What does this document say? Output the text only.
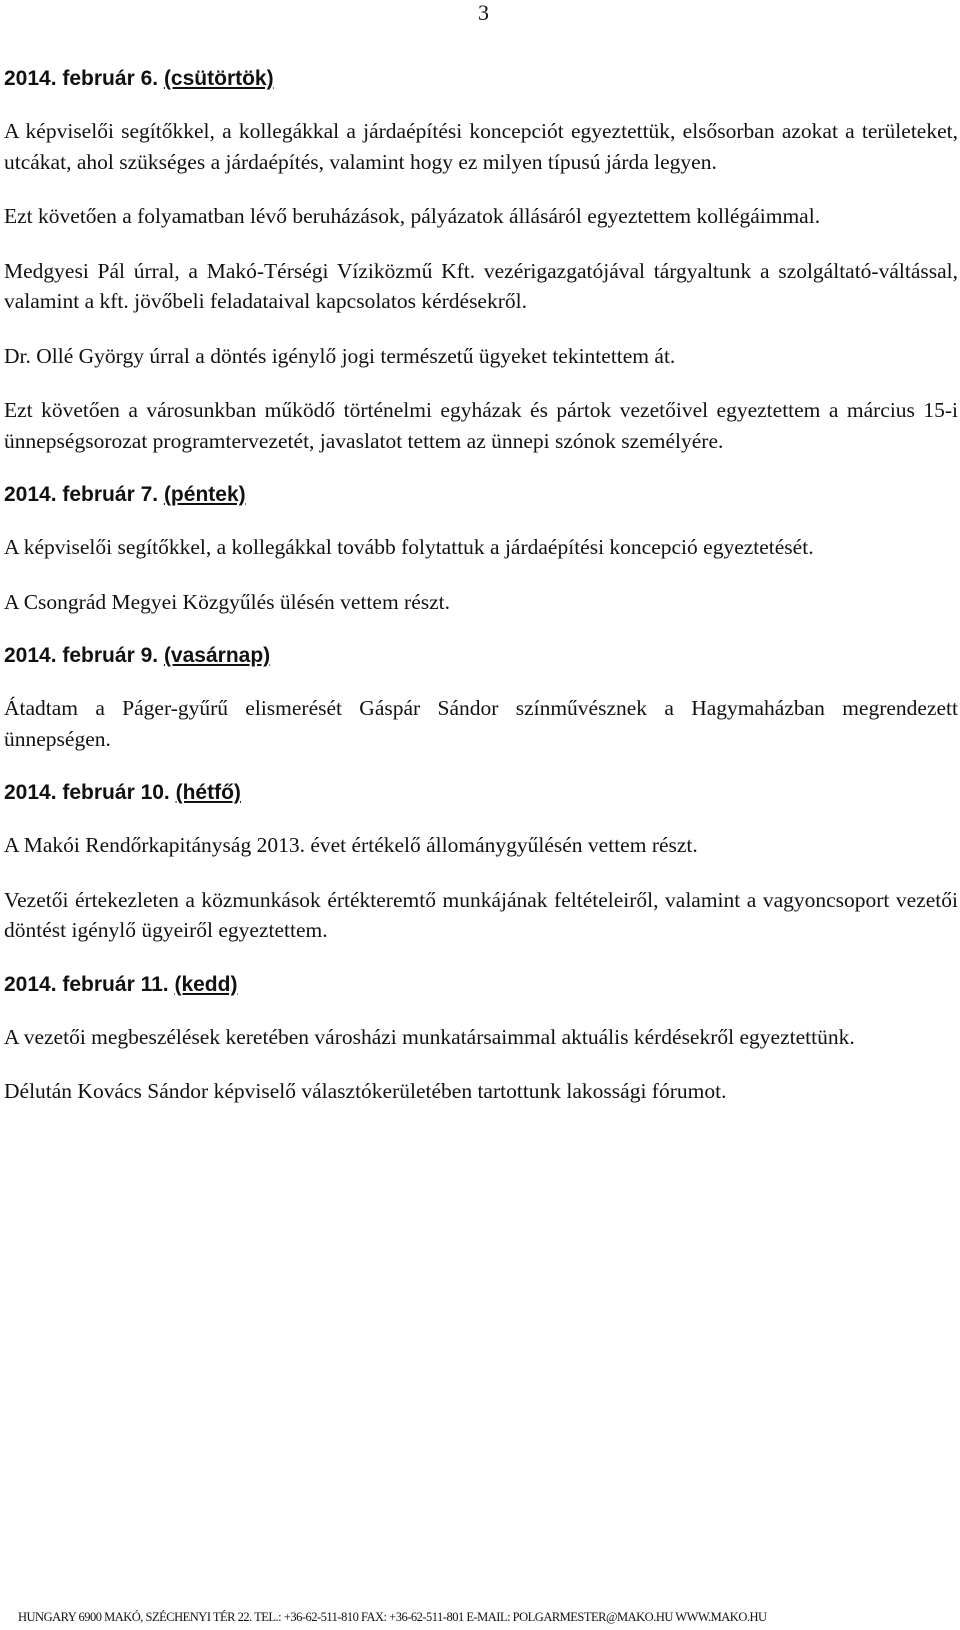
3
2014. február 6. (csütörtök)

A képviselői segítőkkel, a kollegákkal a járdaépítési koncepciót egyeztettük, elsősorban azokat a területeket, utcákat, ahol szükséges a járdaépítés, valamint hogy ez milyen típusú járda legyen.

Ezt követően a folyamatban lévő beruházások, pályázatok állásáról egyeztettem kollégáimmal.

Medgyesi Pál úrral, a Makó-Térségi Víziközmű Kft. vezérigazgatójával tárgyaltunk a szolgáltató-váltással, valamint a kft. jövőbeli feladataival kapcsolatos kérdésekről.

Dr. Ollé György úrral a döntés igénylő jogi természetű ügyeket tekintettem át.

Ezt követően a városunkban működő történelmi egyházak és pártok vezetőivel egyeztettem a március 15-i ünnepségsorozat programtervezetét, javaslatot tettem az ünnepi szónok személyére.

2014. február 7. (péntek)

A képviselői segítőkkel, a kollegákkal tovább folytattuk a járdaépítési koncepció egyeztetését.

A Csongrád Megyei Közgyűlés ülésén vettem részt.

2014. február 9. (vasárnap)

Átadtam a Páger-gyűrű elismerését Gáspár Sándor színművésznek a Hagymaházban megrendezett ünnepségen.

2014. február 10. (hétfő)

A Makói Rendőrkapitányság 2013. évet értékelő állománygyűlésén vettem részt.

Vezetői értekezleten a közmunkások értékteremtő munkájának feltételeiről, valamint a vagyoncsoport vezetői döntést igénylő ügyeiről egyeztettem.

2014. február 11. (kedd)

A vezetői megbeszélések keretében városházi munkatársaimmal aktuális kérdésekről egyeztettünk.

Délután Kovács Sándor képviselő választókerületében tartottunk lakossági fórumot.

HUNGARY 6900 MAKÓ, SZÉCHENYI TÉR 22. TEL.: +36-62-511-810 FAX: +36-62-511-801 E-MAIL: POLGARMESTER@MAKO.HU WWW.MAKO.HU
